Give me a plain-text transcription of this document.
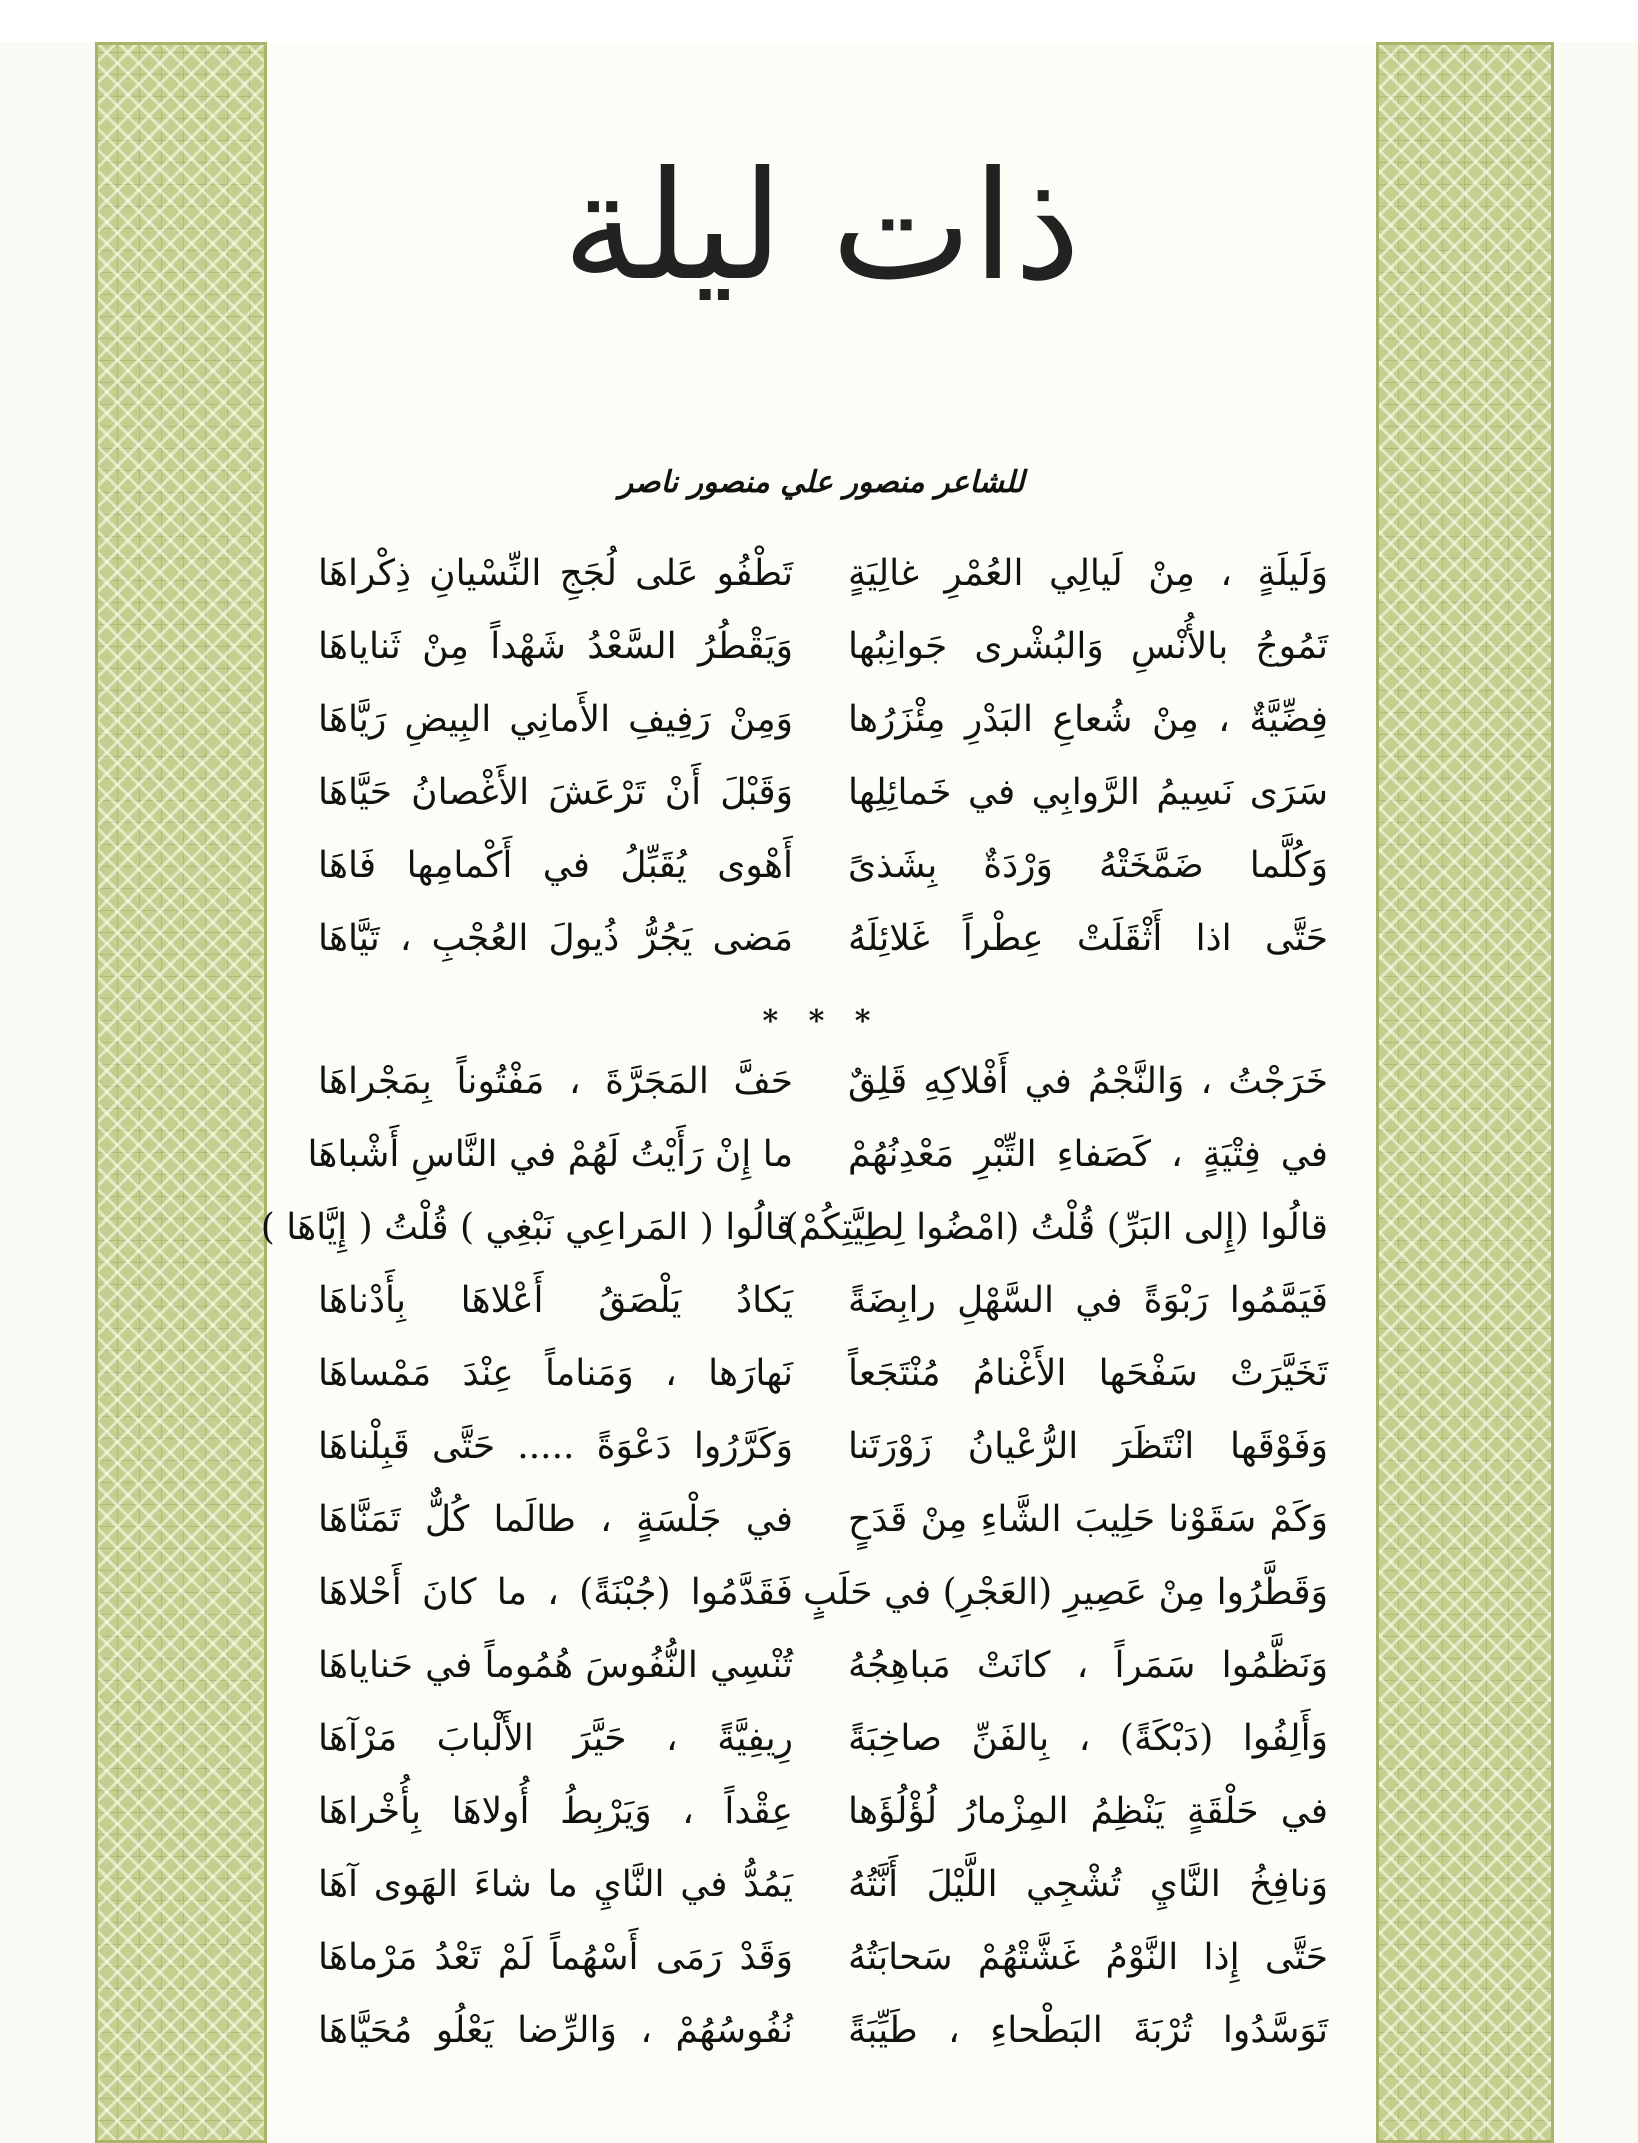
ذات ليلة
للشاعر منصور علي منصور ناصر
وَلَيلَةٍ ، مِنْ لَيالِي العُمْرِ غالِيَةٍ
تَطْفُو عَلى لُجَجِ النِّسْيانِ ذِكْراهَا
تَمُوجُ بالأُنْسِ وَالبُشْرى جَوانِبُها
وَيَقْطُرُ السَّعْدُ شَهْداً مِنْ ثَناياهَا
فِضِّيَّةٌ ، مِنْ شُعاعِ البَدْرِ مِئْزَرُها
وَمِنْ رَفِيفِ الأَمانِي البِيضِ رَيَّاهَا
سَرَى نَسِيمُ الرَّوابِي في خَمائِلِها
وَقَبْلَ أَنْ تَرْعَشَ الأَغْصانُ حَيَّاهَا
وَكُلَّما ضَمَّخَتْهُ وَرْدَةٌ بِشَذىً
أَهْوى يُقَبِّلُ في أَكْمامِها فَاهَا
حَتَّى اذا أَثْقَلَتْ عِطْراً غَلائِلَهُ
مَضى يَجُرُّ ذُيولَ العُجْبِ ، تَيَّاهَا
* * *
خَرَجْتُ ، وَالنَّجْمُ في أَفْلاكِهِ قَلِقٌ
حَفَّ المَجَرَّةَ ، مَفْتُوناً بِمَجْراهَا
في فِتْيَةٍ ، كَصَفاءِ التِّبْرِ مَعْدِنُهُمْ
ما إِنْ رَأَيْتُ لَهُمْ في النَّاسِ أَشْباهَا
قالُوا (إِلى البَرِّ) قُلْتُ (امْضُوا لِطِيَّتِكُمْ)
قالُوا ( المَراعِي نَبْغِي ) قُلْتُ ( إِيَّاهَا )
فَيَمَّمُوا رَبْوَةً في السَّهْلِ رابِضَةً
يَكادُ يَلْصَقُ أَعْلاهَا بِأَدْناهَا
تَخَيَّرَتْ سَفْحَها الأَغْنامُ مُنْتَجَعاً
نَهارَها ، وَمَناماً عِنْدَ مَمْساهَا
وَفَوْقَها انْتَظَرَ الرُّعْيانُ زَوْرَتَنا
وَكَرَّرُوا دَعْوَةً ..... حَتَّى قَبِلْناهَا
وَكَمْ سَقَوْنا حَلِيبَ الشَّاءِ مِنْ قَدَحٍ
في جَلْسَةٍ ، طالَما كُلٌّ تَمَنَّاهَا
وَقَطَّرُوا مِنْ عَصِيرِ (العَجْرِ) في حَلَبٍ
فَقَدَّمُوا (جُبْنَةً) ، ما كانَ أَحْلاهَا
وَنَظَّمُوا سَمَراً ، كانَتْ مَباهِجُهُ
تُنْسِي النُّفُوسَ هُمُوماً في حَناياهَا
وَأَلِفُوا (دَبْكَةً) ، بِالفَنِّ صاخِبَةً
رِيفِيَّةً ، حَيَّرَ الأَلْبابَ مَرْآهَا
في حَلْقَةٍ يَنْظِمُ المِزْمارُ لُؤْلُؤَها
عِقْداً ، وَيَرْبِطُ أُولاهَا بِأُخْراهَا
وَنافِخُ النَّايِ تُشْجِي اللَّيْلَ أَنَّتُهُ
يَمُدُّ في النَّايِ ما شاءَ الهَوى آهَا
حَتَّى إِذا النَّوْمُ غَشَّتْهُمْ سَحابَتُهُ
وَقَدْ رَمَى أَسْهُماً لَمْ تَعْدُ مَرْماهَا
تَوَسَّدُوا تُرْبَةَ البَطْحاءِ ، طَيِّبَةً
نُفُوسُهُمْ ، وَالرِّضا يَعْلُو مُحَيَّاهَا
